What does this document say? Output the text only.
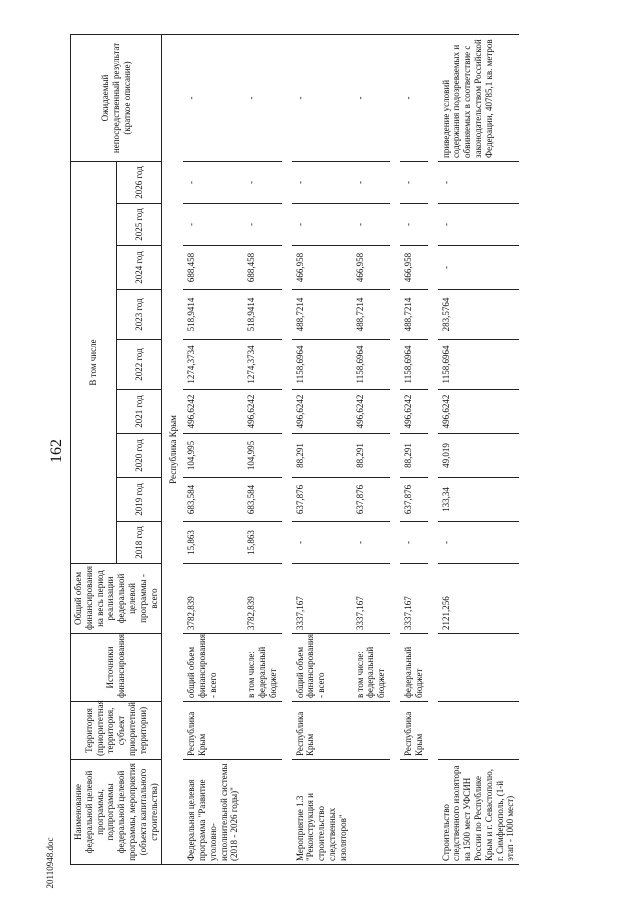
162
20110948.doc
Наименование федеральной целевой программы, подпрограммы федеральной целевой программы, мероприятия (объекта капитального строительства)	Территория (приоритетная территория, субъект приоритетной территории)	Источники финансирования	Общий объем финансирования на весь период реализации федеральной целевой программы - всего	В том числе									Ожидаемый непосредственный результат (краткое описание)
				2018 год	2019 год	2020 год	2021 год	2022 год	2023 год	2024 год	2025 год	2026 год	
Республика Крым													
Федеральная целевая программа "Развитие уголовно-исполнительной системы (2018 - 2026 годы)"	Республика Крым	общий объем финансирования - всего	3782,839	15,863	683,584	104,995	496,6242	1274,3734	518,9414	688,458	-	-	-
		в том числе: федеральный бюджет	3782,839	15,863	683,584	104,995	496,6242	1274,3734	518,9414	688,458	-	-	-

Мероприятие 1.3 "Реконструкция и строительство следственных изоляторов"	Республика Крым	общий объем финансирования - всего	3337,167	-	637,876	88,291	496,6242	1158,6964	488,7214	466,958	-	-	-
		в том числе: федеральный бюджет	3337,167	-	637,876	88,291	496,6242	1158,6964	488,7214	466,958	-	-	-

	Республика Крым	федеральный бюджет	3337,167	-	637,876	88,291	496,6242	1158,6964	488,7214	466,958	-	-	-

Строительство следственного изолятора на 1500 мест УФСИН России по Республике Крым и г. Севастополю, г. Симферополь, (1-й этап - 1000 мест)			2121,256	-	133,34	49,019	496,6242	1158,6964	283,5764	-	-	-	приведение условий содержания подозреваемых и обвиняемых в соответствие с законодательством Российской Федерации, 40785,1 кв. метров
